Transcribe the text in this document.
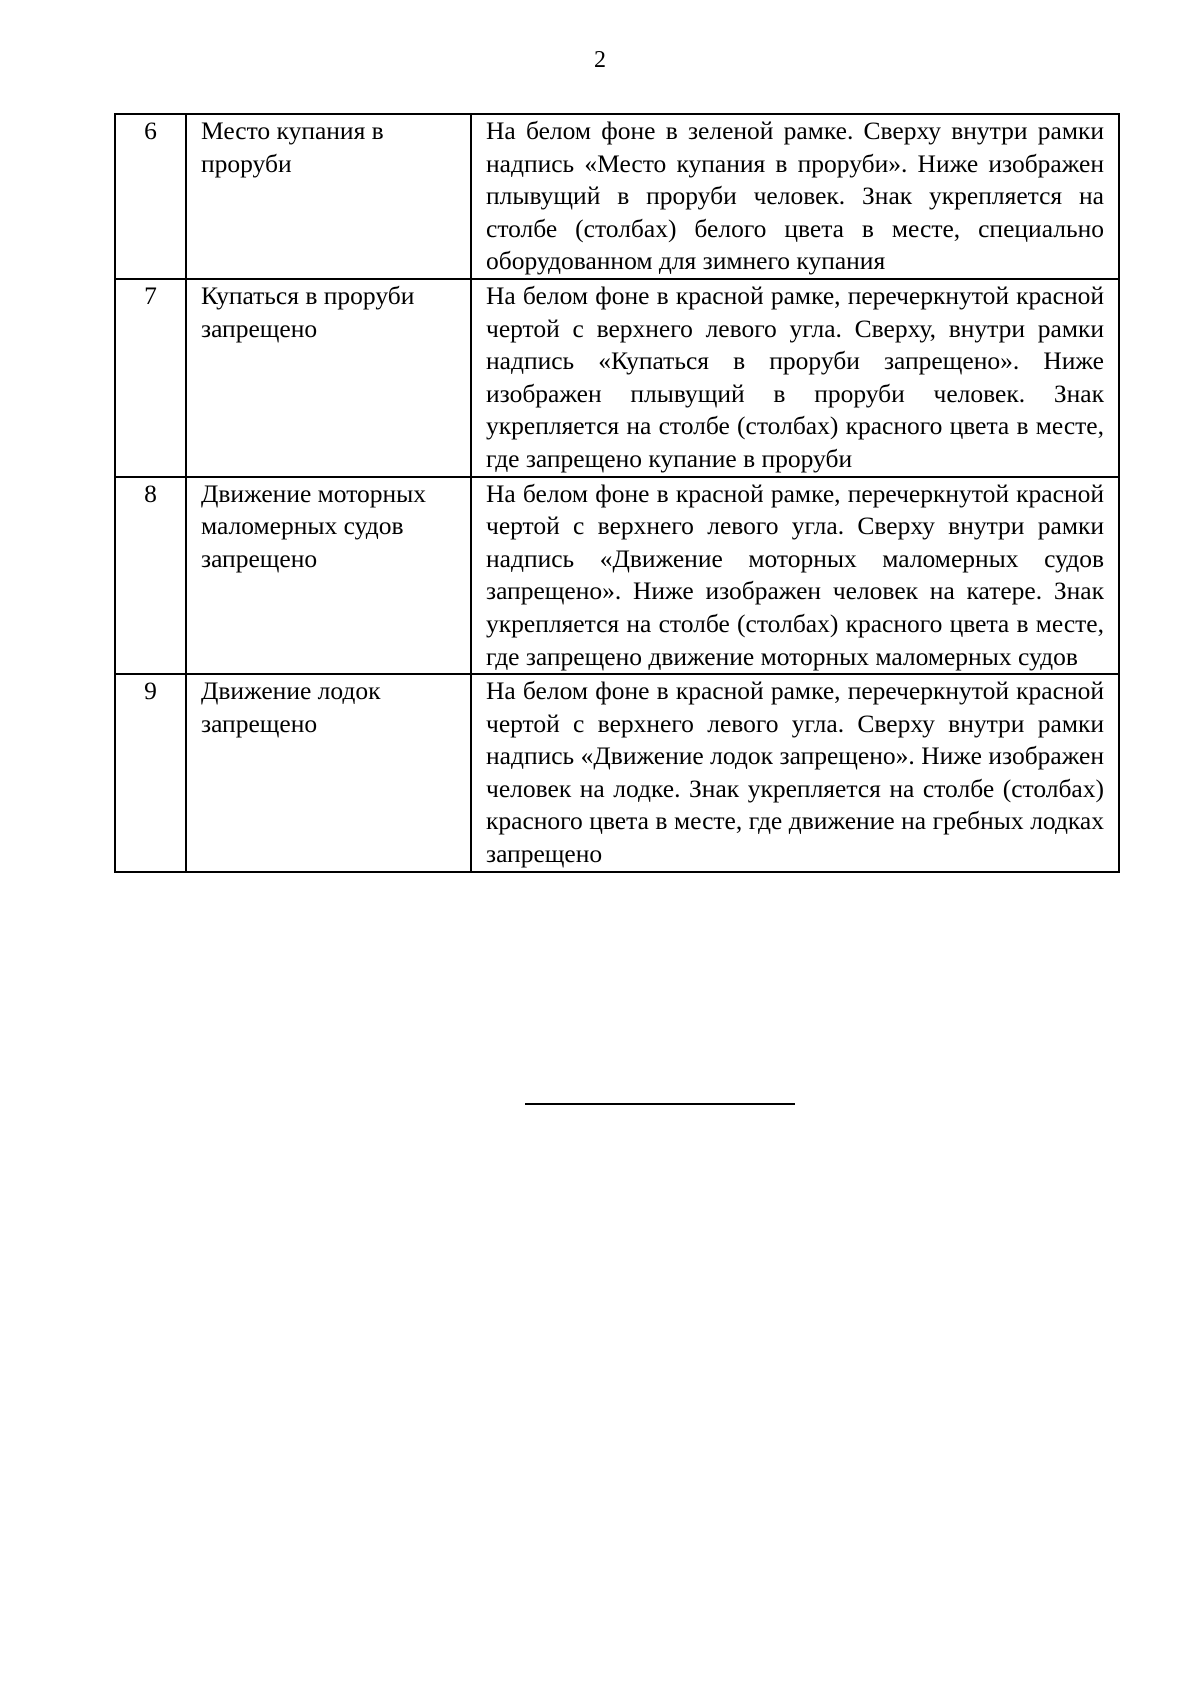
2
6	Место купания в проруби	На белом фоне в зеленой рамке. Сверху внутри рамки надпись «Место купания в проруби». Ниже изображен плывущий в проруби человек. Знак укрепляется на столбе (столбах) белого цвета в месте, специально оборудованном для зимнего купания
7	Купаться в проруби запрещено	На белом фоне в красной рамке, перечеркнутой красной чертой с верхнего левого угла. Сверху, внутри рамки надпись «Купаться в проруби запрещено». Ниже изображен плывущий в проруби человек. Знак укрепляется на столбе (столбах) красного цвета в месте, где запрещено купание в проруби
8	Движение моторных маломерных судов запрещено	На белом фоне в красной рамке, перечеркнутой красной чертой с верхнего левого угла. Сверху внутри рамки надпись «Движение моторных маломерных судов запрещено». Ниже изображен человек на катере. Знак укрепляется на столбе (столбах) красного цвета в месте, где запрещено движение моторных маломерных судов
9	Движение лодок запрещено	На белом фоне в красной рамке, перечеркнутой красной чертой с верхнего левого угла. Сверху внутри рамки надпись «Движение лодок запрещено». Ниже изображен человек на лодке. Знак укрепляется на столбе (столбах) красного цвета в месте, где движение на гребных лодках запрещено
